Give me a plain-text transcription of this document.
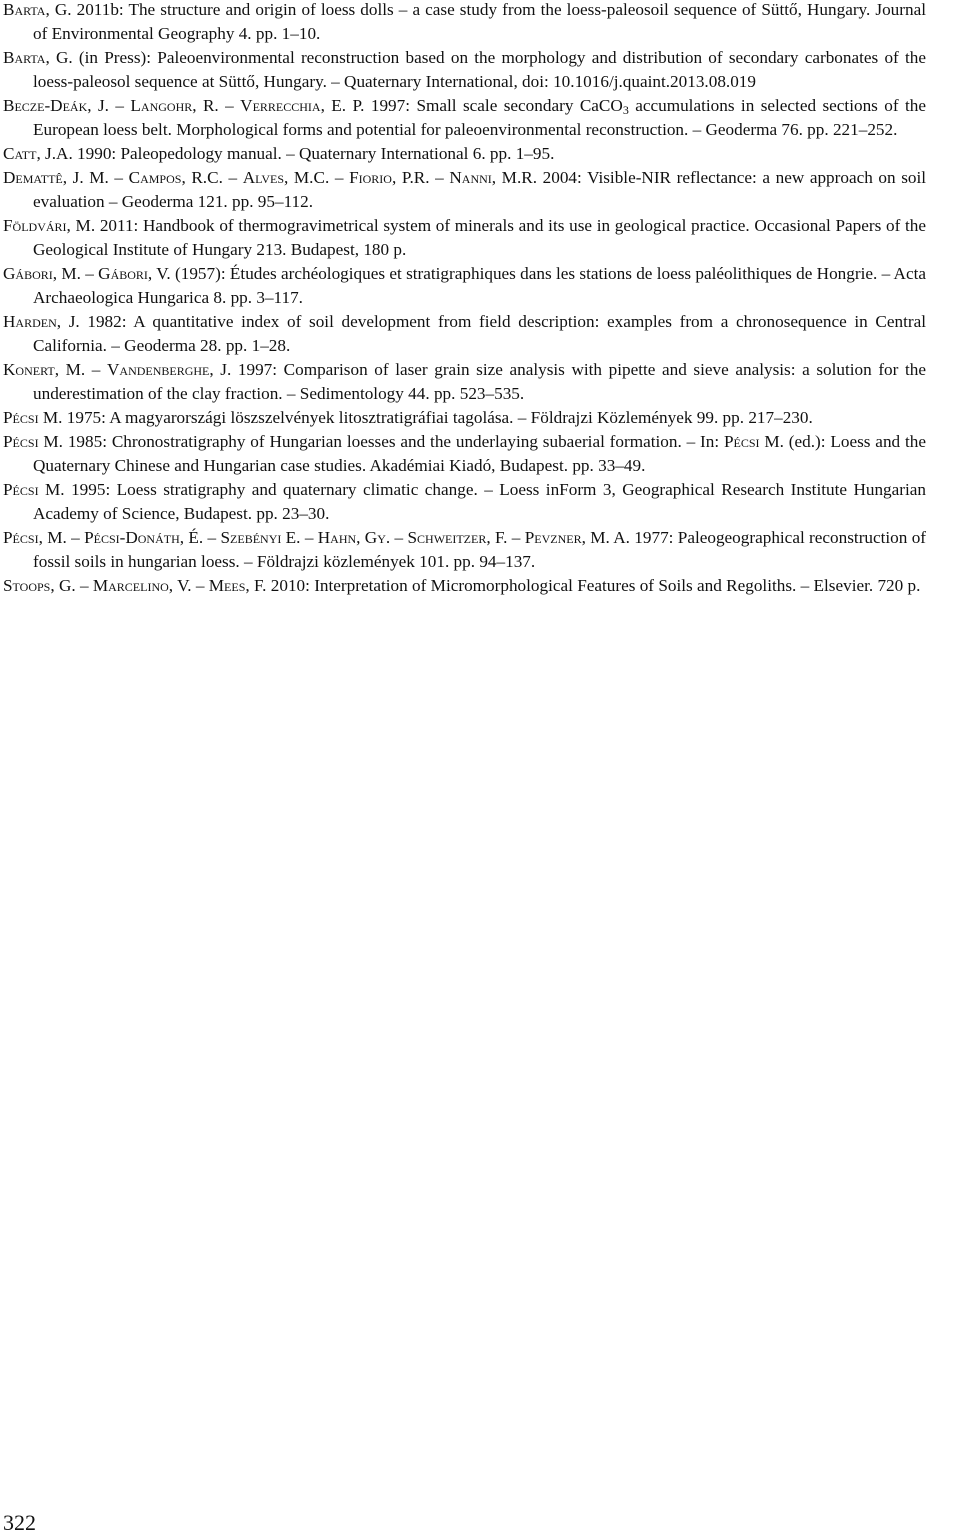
Barta, G. 2011b: The structure and origin of loess dolls – a case study from the loess-paleosoil sequence of Süttő, Hungary. Journal of Environmental Geography 4. pp. 1–10.
Barta, G. (in Press): Paleoenvironmental reconstruction based on the morphology and distribution of secondary carbonates of the loess-paleosol sequence at Süttő, Hungary. – Quaternary International, doi: 10.1016/j.quaint.2013.08.019
Becze-Deák, J. – Langohr, R. – Verrecchia, E. P. 1997: Small scale secondary CaCO$_3$ accumulations in selected sections of the European loess belt. Morphological forms and potential for paleoenvironmental reconstruction. – Geoderma 76. pp. 221–252.
Catt, J.A. 1990: Paleopedology manual. – Quaternary International 6. pp. 1–95.
Demattê, J. M. – Campos, R.C. – Alves, M.C. – Fiorio, P.R. – Nanni, M.R. 2004: Visible-NIR reflectance: a new approach on soil evaluation – Geoderma 121. pp. 95–112.
Földvári, M. 2011: Handbook of thermogravimetrical system of minerals and its use in geological practice. Occasional Papers of the Geological Institute of Hungary 213. Budapest, 180 p.
Gábori, M. – Gábori, V. (1957): Études archéologiques et stratigraphiques dans les stations de loess paléolithiques de Hongrie. – Acta Archaeologica Hungarica 8. pp. 3–117.
Harden, J. 1982: A quantitative index of soil development from field description: examples from a chronosequence in Central California. – Geoderma 28. pp. 1–28.
Konert, M. – Vandenberghe, J. 1997: Comparison of laser grain size analysis with pipette and sieve analysis: a solution for the underestimation of the clay fraction. – Sedimentology 44. pp. 523–535.
Pécsi M. 1975: A magyarországi löszszelvények litosztratigráfiai tagolása. – Földrajzi Közlemények 99. pp. 217–230.
Pécsi M. 1985: Chronostratigraphy of Hungarian loesses and the underlaying subaerial formation. – In: Pécsi M. (ed.): Loess and the Quaternary Chinese and Hungarian case studies. Akadémiai Kiadó, Budapest. pp. 33–49.
Pécsi M. 1995: Loess stratigraphy and quaternary climatic change. – Loess inForm 3, Geographical Research Institute Hungarian Academy of Science, Budapest. pp. 23–30.
Pécsi, M. – Pécsi-Donáth, É. – Szebényi E. – Hahn, Gy. – Schweitzer, F. – Pevzner, M. A. 1977: Paleogeographical reconstruction of fossil soils in hungarian loess. – Földrajzi közlemények 101. pp. 94–137.
Stoops, G. – Marcelino, V. – Mees, F. 2010: Interpretation of Micromorphological Features of Soils and Regoliths. – Elsevier. 720 p.
322
